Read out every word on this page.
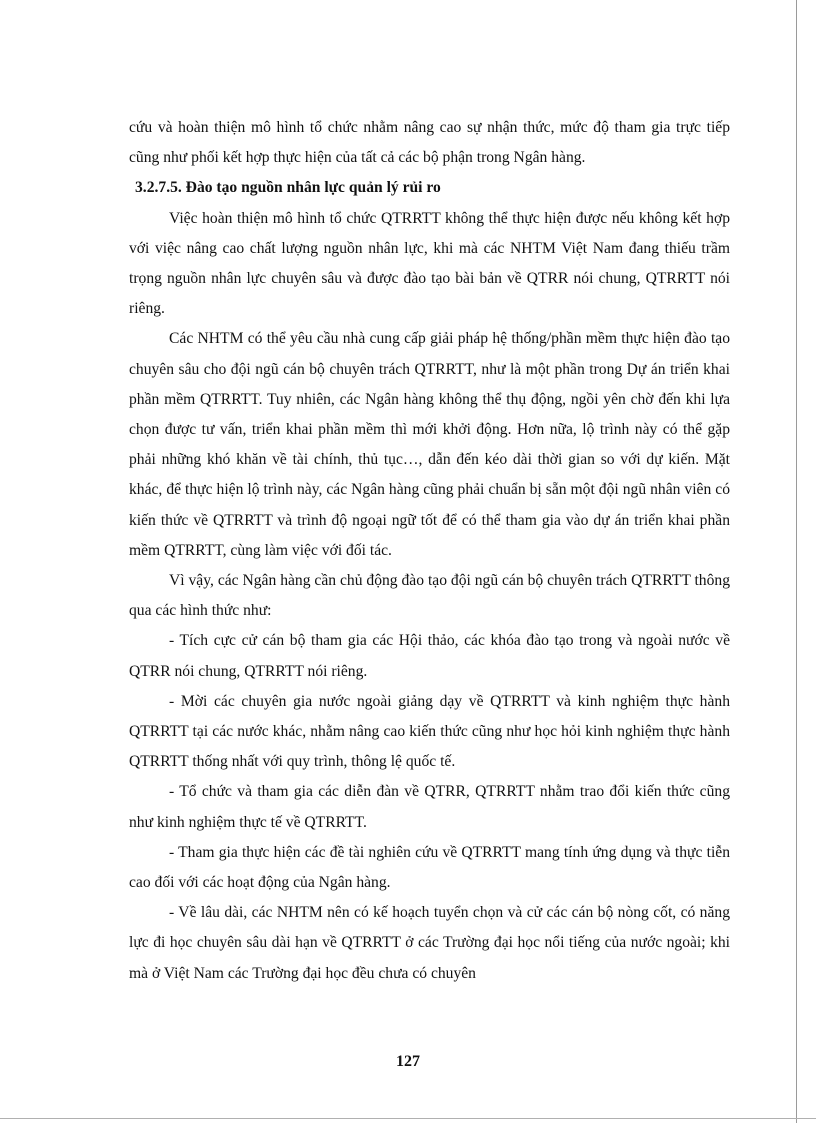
cứu và hoàn thiện mô hình tổ chức nhằm nâng cao sự nhận thức, mức độ tham gia trực tiếp cũng như phối kết hợp thực hiện của tất cả các bộ phận trong Ngân hàng.

3.2.7.5. Đào tạo nguồn nhân lực quản lý rủi ro

Việc hoàn thiện mô hình tổ chức QTRRTT không thể thực hiện được nếu không kết hợp với việc nâng cao chất lượng nguồn nhân lực, khi mà các NHTM Việt Nam đang thiếu trầm trọng nguồn nhân lực chuyên sâu và được đào tạo bài bản về QTRR nói chung, QTRRTT nói riêng.

Các NHTM có thể yêu cầu nhà cung cấp giải pháp hệ thống/phần mềm thực hiện đào tạo chuyên sâu cho đội ngũ cán bộ chuyên trách QTRRTT, như là một phần trong Dự án triển khai phần mềm QTRRTT. Tuy nhiên, các Ngân hàng không thể thụ động, ngồi yên chờ đến khi lựa chọn được tư vấn, triển khai phần mềm thì mới khởi động. Hơn nữa, lộ trình này có thể gặp phải những khó khăn về tài chính, thủ tục…, dẫn đến kéo dài thời gian so với dự kiến. Mặt khác, để thực hiện lộ trình này, các Ngân hàng cũng phải chuẩn bị sẵn một đội ngũ nhân viên có kiến thức về QTRRTT và trình độ ngoại ngữ tốt để có thể tham gia vào dự án triển khai phần mềm QTRRTT, cùng làm việc với đối tác.

Vì vậy, các Ngân hàng cần chủ động đào tạo đội ngũ cán bộ chuyên trách QTRRTT thông qua các hình thức như:

- Tích cực cử cán bộ tham gia các Hội thảo, các khóa đào tạo trong và ngoài nước về QTRR nói chung, QTRRTT nói riêng.

- Mời các chuyên gia nước ngoài giảng dạy về QTRRTT và kinh nghiệm thực hành QTRRTT tại các nước khác, nhằm nâng cao kiến thức cũng như học hỏi kinh nghiệm thực hành QTRRTT thống nhất với quy trình, thông lệ quốc tế.

- Tổ chức và tham gia các diễn đàn về QTRR, QTRRTT nhằm trao đổi kiến thức cũng như kinh nghiệm thực tế về QTRRTT.

- Tham gia thực hiện các đề tài nghiên cứu về QTRRTT mang tính ứng dụng và thực tiễn cao đối với các hoạt động của Ngân hàng.

- Về lâu dài, các NHTM nên có kế hoạch tuyển chọn và cử các cán bộ nòng cốt, có năng lực đi học chuyên sâu dài hạn về QTRRTT ở các Trường đại học nổi tiếng của nước ngoài; khi mà ở Việt Nam các Trường đại học đều chưa có chuyên

127
